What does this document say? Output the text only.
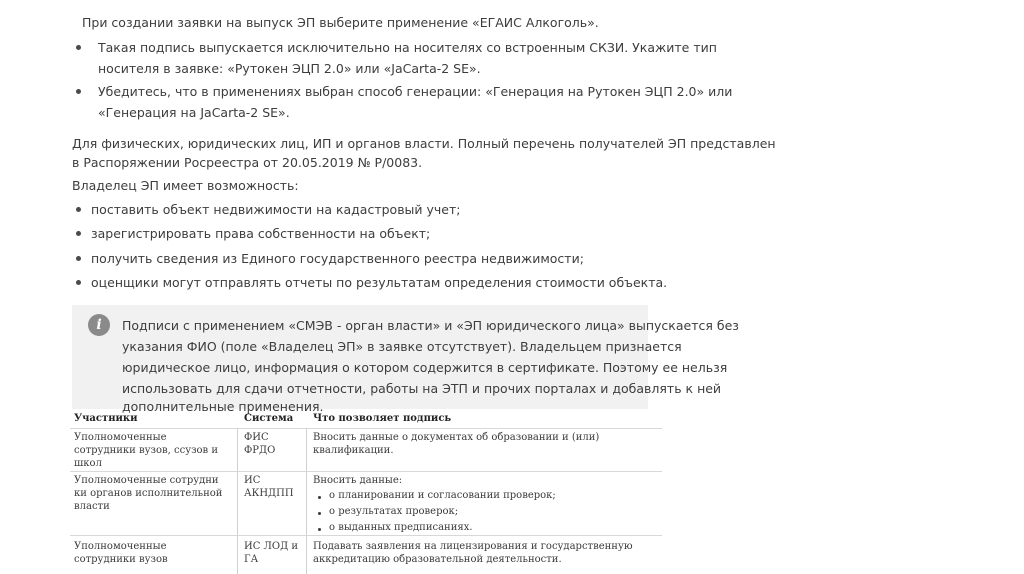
При создании заявки на выпуск ЭП выберите применение «ЕГАИС Алкоголь».
Такая подпись выпускается исключительно на носителях со встроенным СКЗИ. Укажите тип
носителя в заявке: «Рутокен ЭЦП 2.0» или «JaCarta-2 SE».
Убедитесь, что в применениях выбран способ генерации: «Генерация на Рутокен ЭЦП 2.0» или
«Генерация на JaCarta-2 SE».
Для физических, юридических лиц, ИП и органов власти. Полный перечень получателей ЭП представлен
в Распоряжении Росреестра от 20.05.2019 № Р/0083.
Владелец ЭП имеет возможность:
поставить объект недвижимости на кадастровый учет;
зарегистрировать права собственности на объект;
получить сведения из Единого государственного реестра недвижимости;
оценщики могут отправлять отчеты по результатам определения стоимости объекта.
i	Подписи с применением «СМЭВ - орган власти» и «ЭП юридического лица» выпускается без
указания ФИО (поле «Владелец ЭП» в заявке отсутствует). Владельцем признается
юридическое лицо, информация о котором содержится в сертификате. Поэтому ее нельзя
использовать для сдачи отчетности, работы на ЭТП и прочих порталах и добавлять к ней
дополнительные применения.
Участники	Система Что позволяет подпись
Уполномоченные
сотрудники вузов, ссузов и
школ
ФИС
ФРДО
Вносить данные о документах об образовании и (или)
квалификации.
Уполномоченные сотрудни
ки органов исполнительной
власти
ИС
АКНДПП
Вносить данные:
о планировании и согласовании проверок;
о результатах проверок;
о выданных предписаниях.
Уполномоченные
сотрудники вузов
ИС ЛОД и
ГА
Подавать заявления на лицензирования и государственную
аккредитацию образовательной деятельности.
